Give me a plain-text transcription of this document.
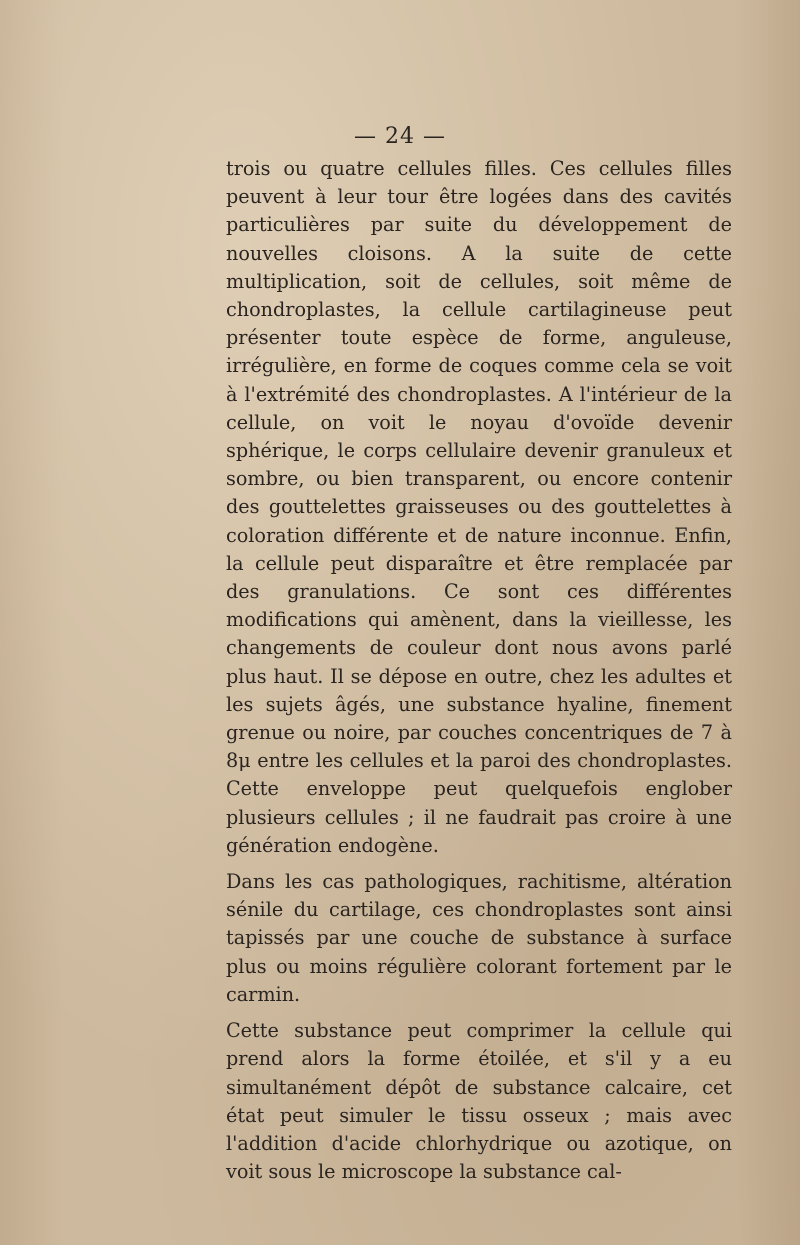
— 24 —

trois ou quatre cellules filles. Ces cellules filles peuvent à leur tour être logées dans des cavités particulières par suite du développement de nouvelles cloisons. A la suite de cette multiplication, soit de cellules, soit même de chondroplastes, la cellule cartilagineuse peut présenter toute espèce de forme, anguleuse, irrégulière, en forme de coques comme cela se voit à l'extrémité des chondroplastes. A l'intérieur de la cellule, on voit le noyau d'ovoïde devenir sphérique, le corps cellulaire devenir granuleux et sombre, ou bien transparent, ou encore contenir des gouttelettes graisseuses ou des gouttelettes à coloration différente et de nature inconnue. Enfin, la cellule peut disparaître et être remplacée par des granulations. Ce sont ces différentes modifications qui amènent, dans la vieillesse, les changements de couleur dont nous avons parlé plus haut. Il se dépose en outre, chez les adultes et les sujets âgés, une substance hyaline, finement grenue ou noire, par couches concentriques de 7 à 8μ entre les cellules et la paroi des chondroplastes. Cette enveloppe peut quelquefois englober plusieurs cellules ; il ne faudrait pas croire à une génération endogène.

Dans les cas pathologiques, rachitisme, altération sénile du cartilage, ces chondroplastes sont ainsi tapissés par une couche de substance à surface plus ou moins régulière colorant fortement par le carmin.

Cette substance peut comprimer la cellule qui prend alors la forme étoilée, et s'il y a eu simultanément dépôt de substance calcaire, cet état peut simuler le tissu osseux ; mais avec l'addition d'acide chlorhydrique ou azotique, on voit sous le microscope la substance cal-
